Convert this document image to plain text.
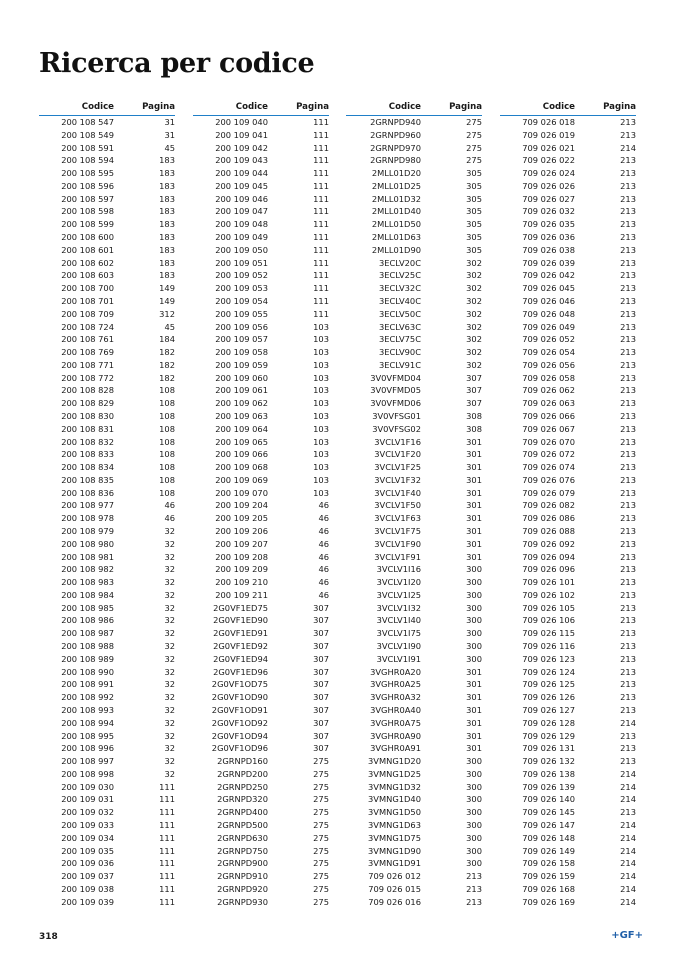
Ricerca per codice
Codice	Pagina
200 108 547	31
200 108 549	31
200 108 591	45
200 108 594	183
200 108 595	183
200 108 596	183
200 108 597	183
200 108 598	183
200 108 599	183
200 108 600	183
200 108 601	183
200 108 602	183
200 108 603	183
200 108 700	149
200 108 701	149
200 108 709	312
200 108 724	45
200 108 761	184
200 108 769	182
200 108 771	182
200 108 772	182
200 108 828	108
200 108 829	108
200 108 830	108
200 108 831	108
200 108 832	108
200 108 833	108
200 108 834	108
200 108 835	108
200 108 836	108
200 108 977	46
200 108 978	46
200 108 979	32
200 108 980	32
200 108 981	32
200 108 982	32
200 108 983	32
200 108 984	32
200 108 985	32
200 108 986	32
200 108 987	32
200 108 988	32
200 108 989	32
200 108 990	32
200 108 991	32
200 108 992	32
200 108 993	32
200 108 994	32
200 108 995	32
200 108 996	32
200 108 997	32
200 108 998	32
200 109 030	111
200 109 031	111
200 109 032	111
200 109 033	111
200 109 034	111
200 109 035	111
200 109 036	111
200 109 037	111
200 109 038	111
200 109 039	111
Codice	Pagina
200 109 040	111
200 109 041	111
200 109 042	111
200 109 043	111
200 109 044	111
200 109 045	111
200 109 046	111
200 109 047	111
200 109 048	111
200 109 049	111
200 109 050	111
200 109 051	111
200 109 052	111
200 109 053	111
200 109 054	111
200 109 055	111
200 109 056	103
200 109 057	103
200 109 058	103
200 109 059	103
200 109 060	103
200 109 061	103
200 109 062	103
200 109 063	103
200 109 064	103
200 109 065	103
200 109 066	103
200 109 068	103
200 109 069	103
200 109 070	103
200 109 204	46
200 109 205	46
200 109 206	46
200 109 207	46
200 109 208	46
200 109 209	46
200 109 210	46
200 109 211	46
2G0VF1ED75	307
2G0VF1ED90	307
2G0VF1ED91	307
2G0VF1ED92	307
2G0VF1ED94	307
2G0VF1ED96	307
2G0VF1OD75	307
2G0VF1OD90	307
2G0VF1OD91	307
2G0VF1OD92	307
2G0VF1OD94	307
2G0VF1OD96	307
2GRNPD160	275
2GRNPD200	275
2GRNPD250	275
2GRNPD320	275
2GRNPD400	275
2GRNPD500	275
2GRNPD630	275
2GRNPD750	275
2GRNPD900	275
2GRNPD910	275
2GRNPD920	275
2GRNPD930	275
Codice	Pagina
2GRNPD940	275
2GRNPD960	275
2GRNPD970	275
2GRNPD980	275
2MLL01D20	305
2MLL01D25	305
2MLL01D32	305
2MLL01D40	305
2MLL01D50	305
2MLL01D63	305
2MLL01D90	305
3ECLV20C	302
3ECLV25C	302
3ECLV32C	302
3ECLV40C	302
3ECLV50C	302
3ECLV63C	302
3ECLV75C	302
3ECLV90C	302
3ECLV91C	302
3V0VFMD04	307
3V0VFMD05	307
3V0VFMD06	307
3V0VFSG01	308
3V0VFSG02	308
3VCLV1F16	301
3VCLV1F20	301
3VCLV1F25	301
3VCLV1F32	301
3VCLV1F40	301
3VCLV1F50	301
3VCLV1F63	301
3VCLV1F75	301
3VCLV1F90	301
3VCLV1F91	301
3VCLV1I16	300
3VCLV1I20	300
3VCLV1I25	300
3VCLV1I32	300
3VCLV1I40	300
3VCLV1I75	300
3VCLV1I90	300
3VCLV1I91	300
3VGHR0A20	301
3VGHR0A25	301
3VGHR0A32	301
3VGHR0A40	301
3VGHR0A75	301
3VGHR0A90	301
3VGHR0A91	301
3VMNG1D20	300
3VMNG1D25	300
3VMNG1D32	300
3VMNG1D40	300
3VMNG1D50	300
3VMNG1D63	300
3VMNG1D75	300
3VMNG1D90	300
3VMNG1D91	300
709 026 012	213
709 026 015	213
709 026 016	213
Codice	Pagina
709 026 018	213
709 026 019	213
709 026 021	214
709 026 022	213
709 026 024	213
709 026 026	213
709 026 027	213
709 026 032	213
709 026 035	213
709 026 036	213
709 026 038	213
709 026 039	213
709 026 042	213
709 026 045	213
709 026 046	213
709 026 048	213
709 026 049	213
709 026 052	213
709 026 054	213
709 026 056	213
709 026 058	213
709 026 062	213
709 026 063	213
709 026 066	213
709 026 067	213
709 026 070	213
709 026 072	213
709 026 074	213
709 026 076	213
709 026 079	213
709 026 082	213
709 026 086	213
709 026 088	213
709 026 092	213
709 026 094	213
709 026 096	213
709 026 101	213
709 026 102	213
709 026 105	213
709 026 106	213
709 026 115	213
709 026 116	213
709 026 123	213
709 026 124	213
709 026 125	213
709 026 126	213
709 026 127	213
709 026 128	214
709 026 129	213
709 026 131	213
709 026 132	213
709 026 138	214
709 026 139	214
709 026 140	214
709 026 145	213
709 026 147	214
709 026 148	214
709 026 149	214
709 026 158	214
709 026 159	214
709 026 168	214
709 026 169	214
318	+GF+
